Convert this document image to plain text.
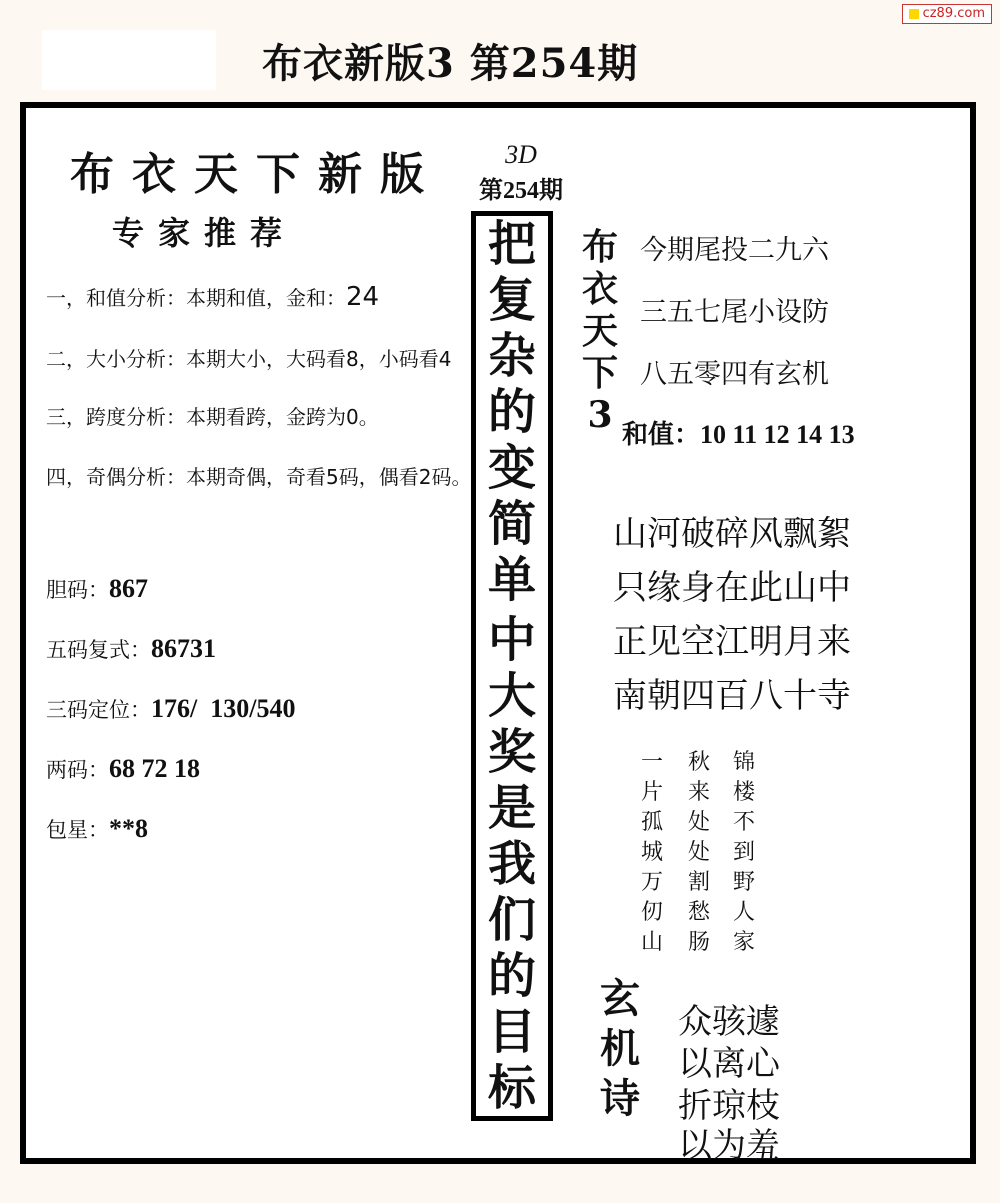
cz89.com
布衣新版3 第254期
布衣天下新版
专家推荐
一，和值分析：本期和值，金和：24
二，大小分析：本期大小，大码看8，小码看4
三，跨度分析：本期看跨，金跨为0。
四，奇偶分析：本期奇偶，奇看5码，偶看2码。
胆码：867
五码复式：86731
三码定位：176/  130/540
两码：68 72 18
包星：**8
3D
第254期
把
复
杂
的
变
简
单
中
大
奖
是
我
们
的
目
标
布
衣
天
下
3
今期尾投二九六
三五七尾小设防
八五零四有玄机
和值：10 11 12 14 13
山河破碎风飘絮
只缘身在此山中
正见空江明月来
南朝四百八十寺
一
片
孤
城
万
仞
山
秋
来
处
处
割
愁
肠
锦
楼
不
到
野
人
家
玄
机
诗
众骇遽
以离心
折琼枝
以为羞
